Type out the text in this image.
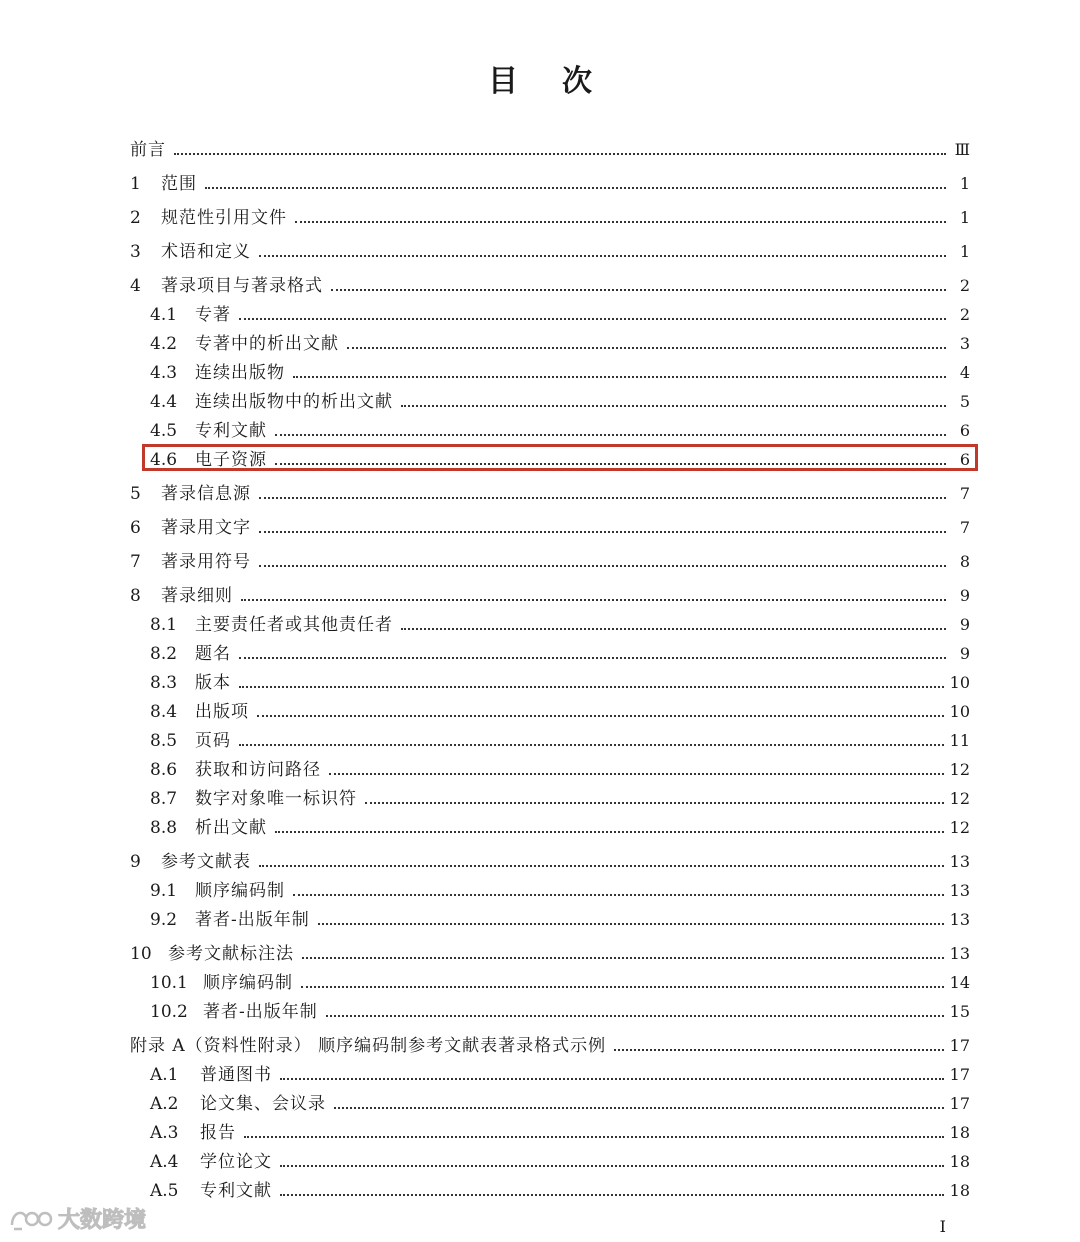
目 次
前言	Ⅲ
1	范围	1
2	规范性引用文件	1
3	术语和定义	1
4	著录项目与著录格式	2
4.1	专著	2
4.2	专著中的析出文献	3
4.3	连续出版物	4
4.4	连续出版物中的析出文献	5
4.5	专利文献	6
4.6	电子资源	6
5	著录信息源	7
6	著录用文字	7
7	著录用符号	8
8	著录细则	9
8.1	主要责任者或其他责任者	9
8.2	题名	9
8.3	版本	10
8.4	出版项	10
8.5	页码	11
8.6	获取和访问路径	12
8.7	数字对象唯一标识符	12
8.8	析出文献	12
9	参考文献表	13
9.1	顺序编码制	13
9.2	著者-出版年制	13
10 参考文献标注法	13
10.1 顺序编码制	14
10.2 著者-出版年制	15
附录 A（资料性附录） 顺序编码制参考文献表著录格式示例	17
A.1	普通图书	17
A.2	论文集、会议录	17
A.3	报告	18
A.4	学位论文	18
A.5	专利文献	18
I
大数跨境
